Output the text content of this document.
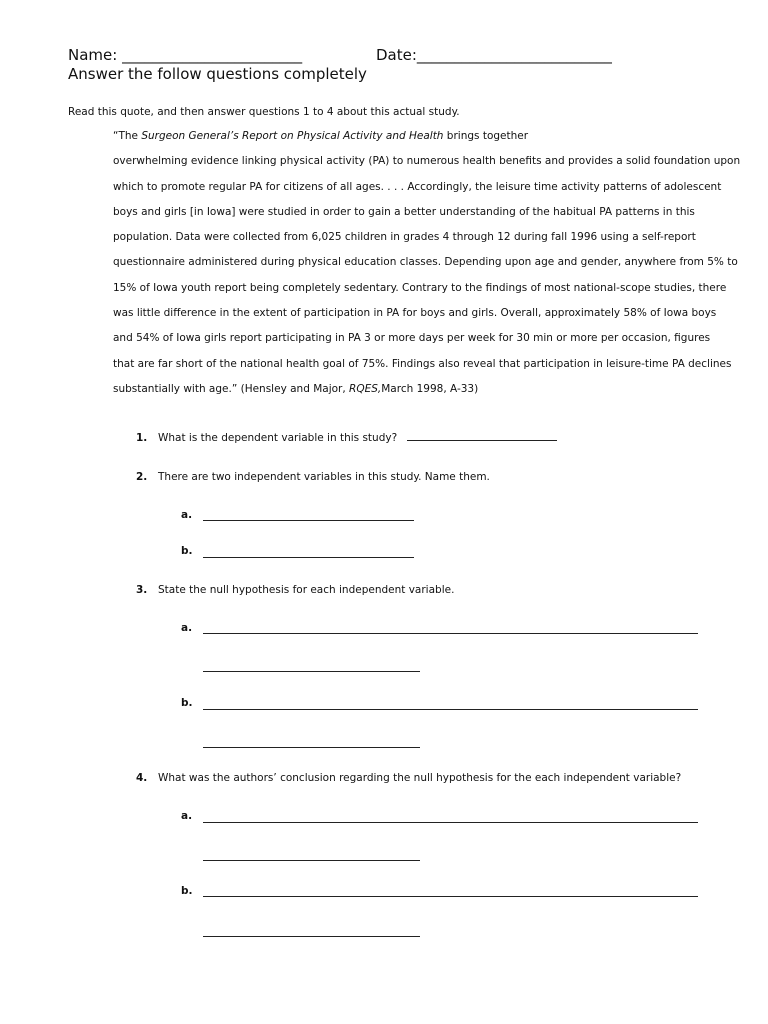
Name: ________________________	Date:__________________________
Answer the follow questions completely
Read this quote, and then answer questions 1 to 4 about this actual study.
“The Surgeon General’s Report on Physical Activity and Health brings together
overwhelming evidence linking physical activity (PA) to numerous health benefits and provides a solid foundation upon
which to promote regular PA for citizens of all ages. . . . Accordingly, the leisure time activity patterns of adolescent
boys and girls [in Iowa] were studied in order to gain a better understanding of the habitual PA patterns in this
population. Data were collected from 6,025 children in grades 4 through 12 during fall 1996 using a self-report
questionnaire administered during physical education classes. Depending upon age and gender, anywhere from 5% to
15% of Iowa youth report being completely sedentary. Contrary to the findings of most national-scope studies, there
was little difference in the extent of participation in PA for boys and girls. Overall, approximately 58% of Iowa boys
and 54% of Iowa girls report participating in PA 3 or more days per week for 30 min or more per occasion, figures
that are far short of the national health goal of 75%. Findings also reveal that participation in leisure-time PA declines
substantially with age.” (Hensley and Major, RQES,March 1998, A-33)
1. What is the dependent variable in this study?
2. There are two independent variables in this study. Name them.
a.
b.
3. State the null hypothesis for each independent variable.
a.
b.
4. What was the authors’ conclusion regarding the null hypothesis for the each independent variable?
a.
b.
